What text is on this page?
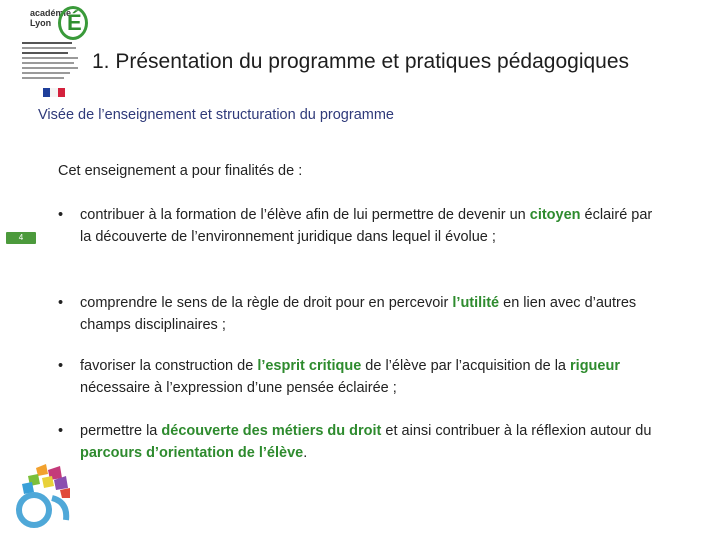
académie
Lyon É
1. Présentation du programme et pratiques pédagogiques
Visée de l’enseignement et structuration du programme
4
Cet enseignement a pour finalités de :
• contribuer à la formation de l’élève afin de lui permettre de devenir un citoyen éclairé par la découverte de l’environnement juridique dans lequel il évolue ;
• comprendre le sens de la règle de droit pour en percevoir l’utilité en lien avec d’autres champs disciplinaires ;
• favoriser la construction de l’esprit critique de l’élève par l’acquisition de la rigueur nécessaire à l’expression d’une pensée éclairée ;
• permettre la découverte des métiers du droit et ainsi contribuer à la réflexion autour du parcours d’orientation de l’élève.
